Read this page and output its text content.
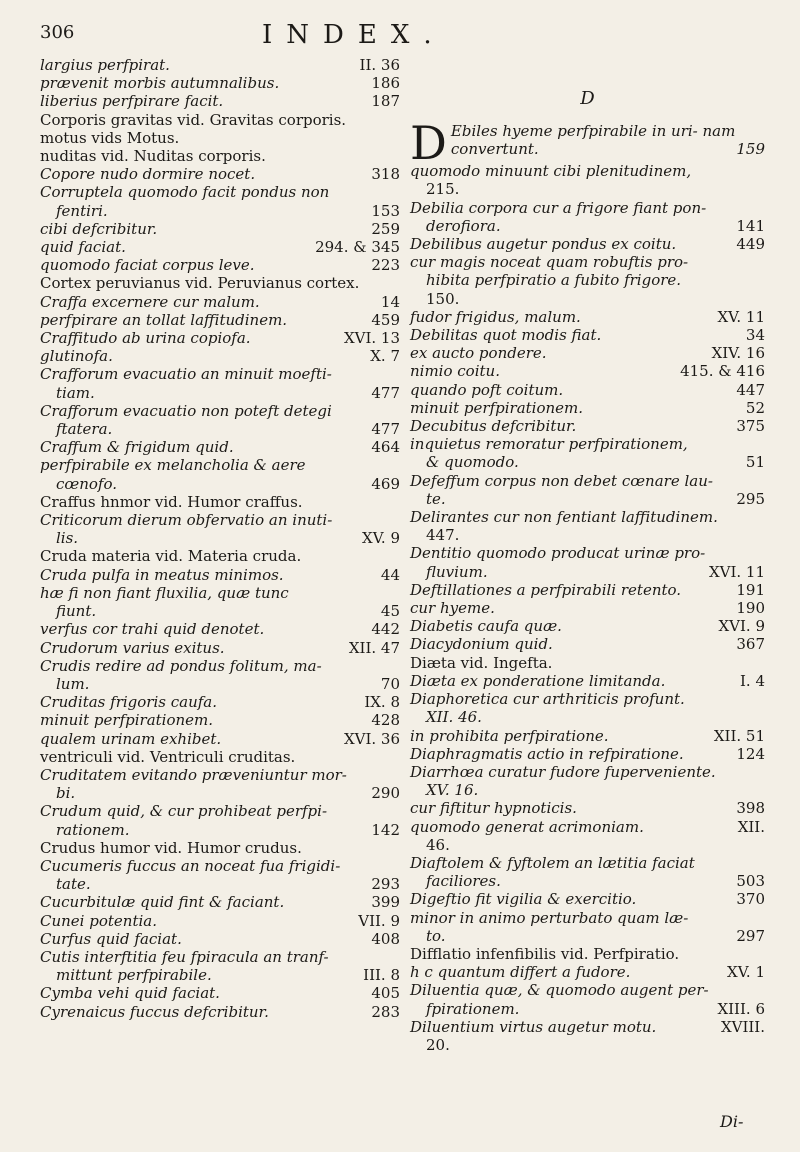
306	INDEX.
largius perfpirat.	II. 36
prævenit morbis autumnalibus.	186
liberius perfpirare facit.	187
Corporis gravitas vid. Gravitas corporis.
motus vids Motus.
nuditas vid. Nuditas corporis.
Copore nudo dormire nocet.	318
Corruptela quomodo facit pondus non
fentiri.	153
cibi defcribitur.	259
quid faciat.	294. & 345
quomodo faciat corpus leve.	223
Cortex peruvianus vid. Peruvianus cortex.
Craffa excernere cur malum.	14
perfpirare an tollat laffitudinem.	459
Craffitudo ab urina copiofa.	XVI. 13
glutinofa.	X. 7
Crafforum evacuatio an minuit moefti-
tiam.	477
Crafforum evacuatio non poteft detegi
ftatera.	477
Craffum & frigidum quid.	464
perfpirabile ex melancholia & aere
cœnofo.	469
Craffus hnmor vid. Humor craffus.
Criticorum dierum obfervatio an inuti-
lis.	XV. 9
Cruda materia vid. Materia cruda.
Cruda pulfa in meatus minimos.	44
hæ fi non fiant fluxilia, quæ tunc
fiunt.	45
verfus cor trahi quid denotet.	442
Crudorum varius exitus.	XII. 47
Crudis redire ad pondus folitum, ma-
lum.	70
Cruditas frigoris caufa.	IX. 8
minuit perfpirationem.	428
qualem urinam exhibet.	XVI. 36
ventriculi vid. Ventriculi cruditas.
Cruditatem evitando præveniuntur mor-
bi.	290
Crudum quid, & cur prohibeat perfpi-
rationem.	142
Crudus humor vid. Humor crudus.
Cucumeris fuccus an noceat fua frigidi-
tate.	293
Cucurbitulæ quid fint & faciant.	399
Cunei potentia.	VII. 9
Curfus quid faciat.	408
Cutis interftitia feu fpiracula an tranf-
mittunt perfpirabile.	III. 8
Cymba vehi quid faciat.	405
Cyrenaicus fuccus defcribitur.	283
D
D Ebiles hyeme perfpirabile in uri- nam convertunt.	159
quomodo minuunt cibi plenitudinem,
215.
Debilia corpora cur a frigore fiant pon-
derofiora.	141
Debilibus augetur pondus ex coitu.	449
cur magis noceat quam robuftis pro-
hibita perfpiratio a fubito frigore.
150.
fudor frigidus, malum.	XV. 11
Debilitas quot modis fiat.	34
ex aucto pondere.	XIV. 16
nimio coitu.	415. & 416
quando poft coitum.	447
minuit perfpirationem.	52
Decubitus defcribitur.	375
inquietus remoratur perfpirationem,
& quomodo.	51
Defeffum corpus non debet cœnare lau-
te.	295
Delirantes cur non fentiant laffitudinem.
447.
Dentitio quomodo producat urinæ pro-
fluvium.	XVI. 11
Deftillationes a perfpirabili retento.	191
cur hyeme.	190
Diabetis caufa quæ.	XVI. 9
Diacydonium quid.	367
Diæta vid. Ingefta.
Diæta ex ponderatione limitanda.	I. 4
Diaphoretica cur arthriticis profunt.
XII. 46.
in prohibita perfpiratione.	XII. 51
Diaphragmatis actio in refpiratione.	124
Diarrhœa curatur fudore fuperveniente.
XV. 16.
cur fiftitur hypnoticis.	398
quomodo generat acrimoniam.	XII.
46.
Diaftolem & fyftolem an lætitia faciat
faciliores.	503
Digeftio fit vigilia & exercitio.	370
minor in animo perturbato quam læ-
to.	297
Difflatio infenfibilis vid. Perfpiratio.
h c quantum differt a fudore.	XV. 1
Diluentia quæ, & quomodo augent per-
fpirationem.	XIII. 6
Diluentium virtus augetur motu.	XVIII.
20.
Di-
